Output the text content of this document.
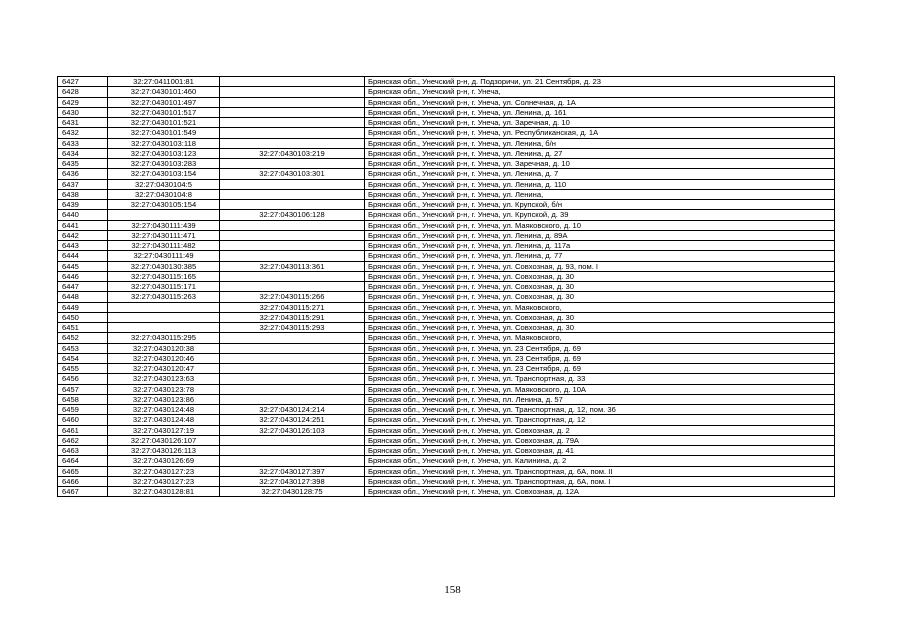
6427	32:27:0411001:81		Брянская обл., Унечский р-н, д. Подзоричи, ул. 21 Сентября, д. 23
6428	32:27:0430101:460		Брянская обл., Унечский р-н, г. Унеча,
6429	32:27:0430101:497		Брянская обл., Унечский р-н, г. Унеча, ул. Солнечная, д. 1А
6430	32:27:0430101:517		Брянская обл., Унечский р-н, г. Унеча, ул. Ленина, д. 161
6431	32:27:0430101:521		Брянская обл., Унечский р-н, г. Унеча, ул. Заречная, д. 10
6432	32:27:0430101:549		Брянская обл., Унечский р-н, г. Унеча, ул. Республиканская, д. 1А
6433	32:27:0430103:118		Брянская обл., Унечский р-н, г. Унеча, ул. Ленина, б/н
6434	32:27:0430103:123	32:27:0430103:219	Брянская обл., Унечский р-н, г. Унеча, ул. Ленина, д. 27
6435	32:27:0430103:283		Брянская обл., Унечский р-н, г. Унеча, ул. Заречная, д. 10
6436	32:27:0430103:154	32:27:0430103:301	Брянская обл., Унечский р-н, г. Унеча, ул. Ленина, д. 7
6437	32:27:0430104:5		Брянская обл., Унечский р-н, г. Унеча, ул. Ленина, д. 110
6438	32:27:0430104:8		Брянская обл., Унечский р-н, г. Унеча, ул. Ленина,
6439	32:27:0430105:154		Брянская обл., Унечский р-н, г. Унеча, ул. Крупской, б/н
6440		32:27:0430106:128	Брянская обл., Унечский р-н, г. Унеча, ул. Крупской, д. 39
6441	32:27:0430111:439		Брянская обл., Унечский р-н, г. Унеча, ул. Маяковского, д. 10
6442	32:27:0430111:471		Брянская обл., Унечский р-н, г. Унеча, ул. Ленина, д. 89А
6443	32:27:0430111:482		Брянская обл., Унечский р-н, г. Унеча, ул. Ленина, д. 117а
6444	32:27:0430111:49		Брянская обл., Унечский р-н, г. Унеча, ул. Ленина, д. 77
6445	32:27:0430130:385	32:27:0430113:361	Брянская обл., Унечский р-н, г. Унеча, ул. Совхозная, д. 93, пом. I
6446	32:27:0430115:165		Брянская обл., Унечский р-н, г. Унеча, ул. Совхозная, д. 30
6447	32:27:0430115:171		Брянская обл., Унечский р-н, г. Унеча, ул. Совхозная, д. 30
6448	32:27:0430115:263	32:27:0430115:266	Брянская обл., Унечский р-н, г. Унеча, ул. Совхозная, д. 30
6449		32:27:0430115:271	Брянская обл., Унечский р-н, г. Унеча, ул. Маяковского,
6450		32:27:0430115:291	Брянская обл., Унечский р-н, г. Унеча, ул. Совхозная, д. 30
6451		32:27:0430115:293	Брянская обл., Унечский р-н, г. Унеча, ул. Совхозная, д. 30
6452	32:27:0430115:295		Брянская обл., Унечский р-н, г. Унеча, ул. Маяковского,
6453	32:27:0430120:38		Брянская обл., Унечский р-н, г. Унеча, ул. 23 Сентября, д. 69
6454	32:27:0430120:46		Брянская обл., Унечский р-н, г. Унеча, ул. 23 Сентября, д. 69
6455	32:27:0430120:47		Брянская обл., Унечский р-н, г. Унеча, ул. 23 Сентября, д. 69
6456	32:27:0430123:63		Брянская обл., Унечский р-н, г. Унеча, ул. Транспортная, д. 33
6457	32:27:0430123:78		Брянская обл., Унечский р-н, г. Унеча, ул. Маяковского, д. 10А
6458	32:27:0430123:86		Брянская обл., Унечский р-н, г. Унеча, пл. Ленина, д. 57
6459	32:27:0430124:48	32:27:0430124:214	Брянская обл., Унечский р-н, г. Унеча, ул. Транспортная, д. 12, пом. 36
6460	32:27:0430124:48	32:27:0430124:251	Брянская обл., Унечский р-н, г. Унеча, ул. Транспортная, д. 12
6461	32:27:0430127:19	32:27:0430126:103	Брянская обл., Унечский р-н, г. Унеча, ул. Совхозная, д. 2
6462	32:27:0430126:107		Брянская обл., Унечский р-н, г. Унеча, ул. Совхозная, д. 79А
6463	32:27:0430126:113		Брянская обл., Унечский р-н, г. Унеча, ул. Совхозная, д. 41
6464	32:27:0430126:69		Брянская обл., Унечский р-н, г. Унеча, ул. Калинина, д. 2
6465	32:27:0430127:23	32:27:0430127:397	Брянская обл., Унечский р-н, г. Унеча, ул. Транспортная, д. 6А, пом. II
6466	32:27:0430127:23	32:27:0430127:398	Брянская обл., Унечский р-н, г. Унеча, ул. Транспортная, д. 6А, пом. I
6467	32:27:0430128:81	32:27:0430128:75	Брянская обл., Унечский р-н, г. Унеча, ул. Совхозная, д. 12А
158
